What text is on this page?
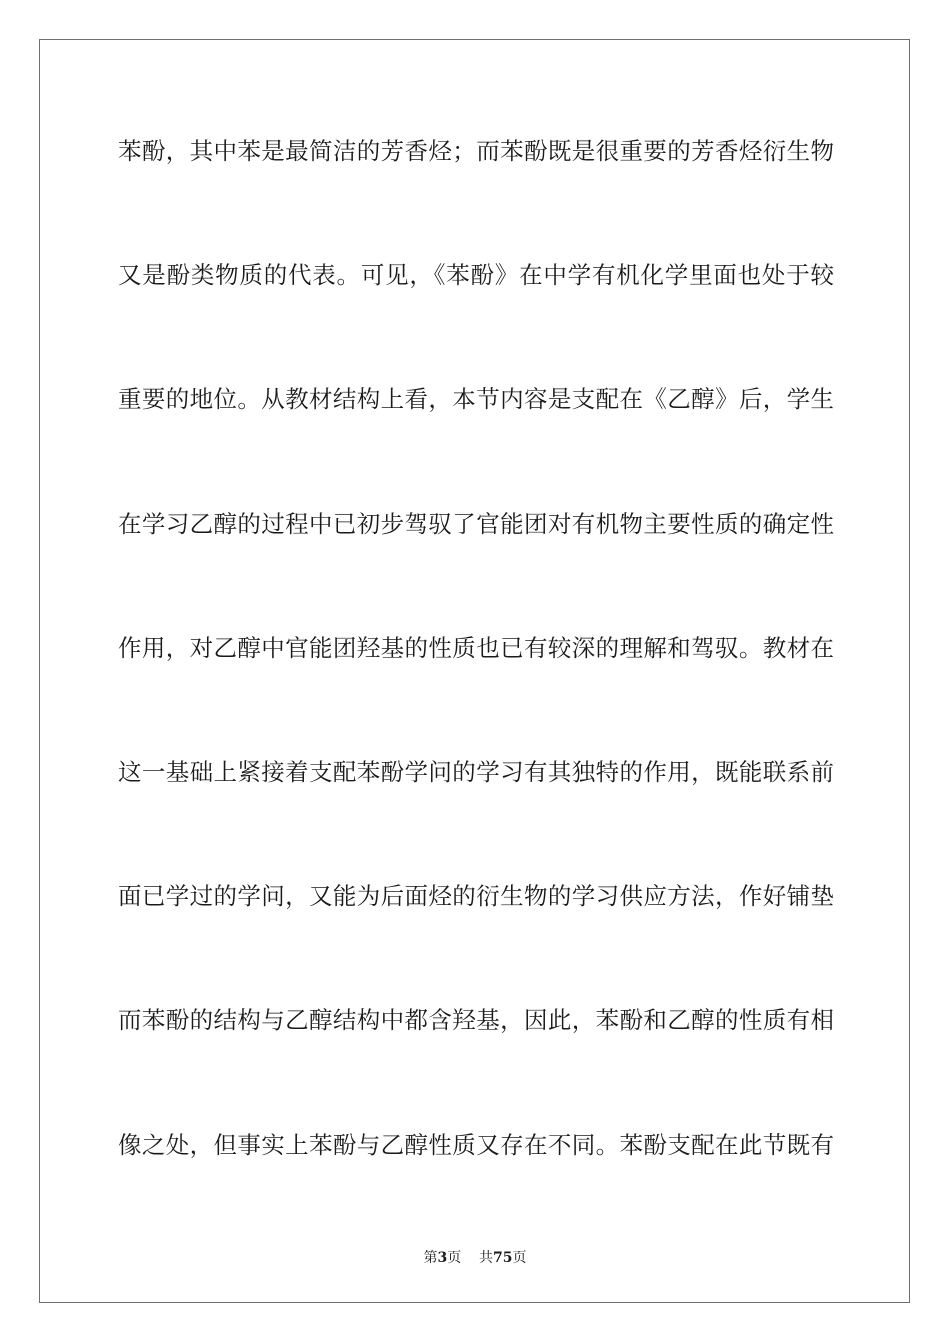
苯酚，其中苯是最简洁的芳香烃；而苯酚既是很重要的芳香烃衍生物
又是酚类物质的代表。可见，《苯酚》在中学有机化学里面也处于较
重要的地位。从教材结构上看，本节内容是支配在《乙醇》后，学生
在学习乙醇的过程中已初步驾驭了官能团对有机物主要性质的确定性
作用，对乙醇中官能团羟基的性质也已有较深的理解和驾驭。教材在
这一基础上紧接着支配苯酚学问的学习有其独特的作用，既能联系前
面已学过的学问，又能为后面烃的衍生物的学习供应方法，作好铺垫
而苯酚的结构与乙醇结构中都含羟基，因此，苯酚和乙醇的性质有相
像之处，但事实上苯酚与乙醇性质又存在不同。苯酚支配在此节既有
第3页 共75页
